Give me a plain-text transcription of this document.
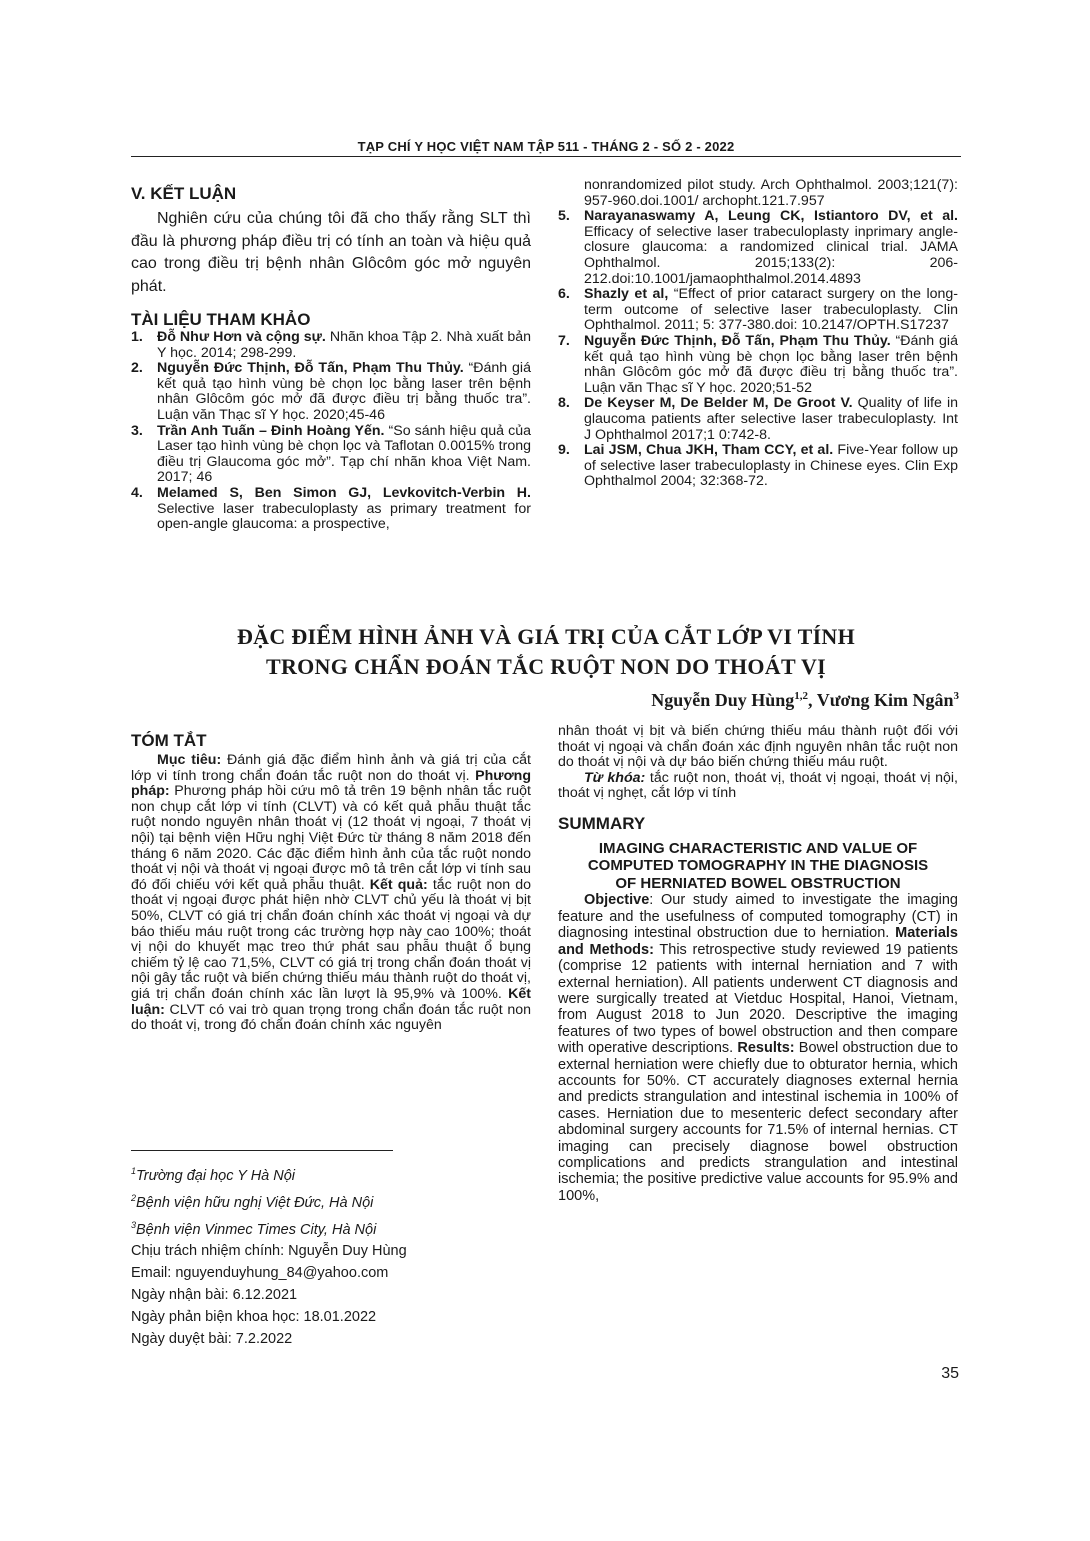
TẠP CHÍ Y HỌC VIỆT NAM TẬP 511 - THÁNG 2 - SỐ 2 - 2022
V. KẾT LUẬN

Nghiên cứu của chúng tôi đã cho thấy rằng SLT thì đầu là phương pháp điều trị có tính an toàn và hiệu quả cao trong điều trị bệnh nhân Glôcôm góc mở nguyên phát.

TÀI LIỆU THAM KHẢO
1. Đỗ Như Hơn và cộng sự. Nhãn khoa Tập 2. Nhà xuất bản Y học. 2014; 298-299.
2. Nguyễn Đức Thịnh, Đỗ Tấn, Phạm Thu Thủy. “Đánh giá kết quả tạo hình vùng bè chọn lọc bằng laser trên bệnh nhân Glôcôm góc mở đã được điều trị bằng thuốc tra”. Luận văn Thạc sĩ Y học. 2020;45-46
3. Trần Anh Tuấn – Đinh Hoàng Yến. “So sánh hiệu quả của Laser tạo hình vùng bè chọn lọc và Taflotan 0.0015% trong điều trị Glaucoma góc mở”. Tạp chí nhãn khoa Việt Nam. 2017; 46
4. Melamed S, Ben Simon GJ, Levkovitch-Verbin H. Selective laser trabeculoplasty as primary treatment for open-angle glaucoma: a prospective,
nonrandomized pilot study. Arch Ophthalmol. 2003;121(7): 957-960.doi.1001/ archopht.121.7.957
5. Narayanaswamy A, Leung CK, Istiantoro DV, et al. Efficacy of selective laser trabeculoplasty inprimary angle-closure glaucoma: a randomized clinical trial. JAMA Ophthalmol. 2015;133(2): 206-212.doi:10.1001/jamaophthalmol.2014.4893
6. Shazly et al, “Effect of prior cataract surgery on the long-term outcome of selective laser trabeculoplasty. Clin Ophthalmol. 2011; 5: 377-380.doi: 10.2147/OPTH.S17237
7. Nguyễn Đức Thịnh, Đỗ Tấn, Phạm Thu Thủy. “Đánh giá kết quả tạo hình vùng bè chọn lọc bằng laser trên bệnh nhân Glôcôm góc mở đã được điều trị bằng thuốc tra”. Luận văn Thạc sĩ Y học. 2020;51-52
8. De Keyser M, De Belder M, De Groot V. Quality of life in glaucoma patients after selective laser trabeculoplasty. Int J Ophthalmol 2017;1 0:742-8.
9. Lai JSM, Chua JKH, Tham CCY, et al. Five-Year follow up of selective laser trabeculoplasty in Chinese eyes. Clin Exp Ophthalmol 2004; 32:368-72.
ĐẶC ĐIỂM HÌNH ẢNH VÀ GIÁ TRỊ CỦA CẮT LỚP VI TÍNH
TRONG CHẨN ĐOÁN TẮC RUỘT NON DO THOÁT VỊ
Nguyễn Duy Hùng$^{1,2}$, Vương Kim Ngân$^3$
TÓM TẮT

Mục tiêu: Đánh giá đặc điểm hình ảnh và giá trị của cắt lớp vi tính trong chẩn đoán tắc ruột non do thoát vị. Phương pháp: Phương pháp hồi cứu mô tả trên 19 bệnh nhân tắc ruột non chụp cắt lớp vi tính (CLVT) và có kết quả phẫu thuật tắc ruột nondo nguyên nhân thoát vị (12 thoát vị ngoại, 7 thoát vị nội) tại bệnh viện Hữu nghị Việt Đức từ tháng 8 năm 2018 đến tháng 6 năm 2020. Các đặc điểm hình ảnh của tắc ruột nondo thoát vị nội và thoát vị ngoại được mô tả trên cắt lớp vi tính sau đó đối chiếu với kết quả phẫu thuật. Kết quả: tắc ruột non do thoát vị ngoại được phát hiện nhờ CLVT chủ yếu là thoát vị bịt 50%, CLVT có giá trị chẩn đoán chính xác thoát vị ngoại và dự báo thiếu máu ruột trong các trường hợp này cao 100%; thoát vị nội do khuyết mạc treo thứ phát sau phẫu thuật ổ bụng chiếm tỷ lệ cao 71,5%, CLVT có giá trị trong chẩn đoán thoát vị nội gây tắc ruột và biến chứng thiếu máu thành ruột do thoát vị, giá trị chẩn đoán chính xác lần lượt là 95,9% và 100%. Kết luận: CLVT có vai trò quan trọng trong chẩn đoán tắc ruột non do thoát vị, trong đó chẩn đoán chính xác nguyên

nhân thoát vị bịt và biến chứng thiếu máu thành ruột đối với thoát vị ngoại và chẩn đoán xác định nguyên nhân tắc ruột non do thoát vị nội và dự báo biến chứng thiếu máu ruột.

Từ khóa: tắc ruột non, thoát vị, thoát vị ngoại, thoát vị nội, thoát vị nghẹt, cắt lớp vi tính

SUMMARY
IMAGING CHARACTERISTIC AND VALUE OF
COMPUTED TOMOGRAPHY IN THE DIAGNOSIS
OF HERNIATED BOWEL OBSTRUCTION

Objective: Our study aimed to investigate the imaging feature and the usefulness of computed tomography (CT) in diagnosing intestinal obstruction due to herniation. Materials and Methods: This retrospective study reviewed 19 patients (comprise 12 patients with internal herniation and 7 with external herniation). All patients underwent CT diagnosis and were surgically treated at Vietduc Hospital, Hanoi, Vietnam, from August 2018 to Jun 2020. Descriptive the imaging features of two types of bowel obstruction and then compare with operative descriptions. Results: Bowel obstruction due to external herniation were chiefly due to obturator hernia, which accounts for 50%. CT accurately diagnoses external hernia and predicts strangulation and intestinal ischemia in 100% of cases. Herniation due to mesenteric defect secondary after abdominal surgery accounts for 71.5% of internal hernias. CT imaging can precisely diagnose bowel obstruction complications and predicts strangulation and intestinal ischemia; the positive predictive value accounts for 95.9% and 100%,

$^1$Trường đại học Y Hà Nội
$^2$Bệnh viện hữu nghị Việt Đức, Hà Nội
$^3$Bệnh viện Vinmec Times City, Hà Nội
Chịu trách nhiệm chính: Nguyễn Duy Hùng
Email: nguyenduyhung_84@yahoo.com
Ngày nhận bài: 6.12.2021
Ngày phản biện khoa học: 18.01.2022
Ngày duyệt bài: 7.2.2022
35
